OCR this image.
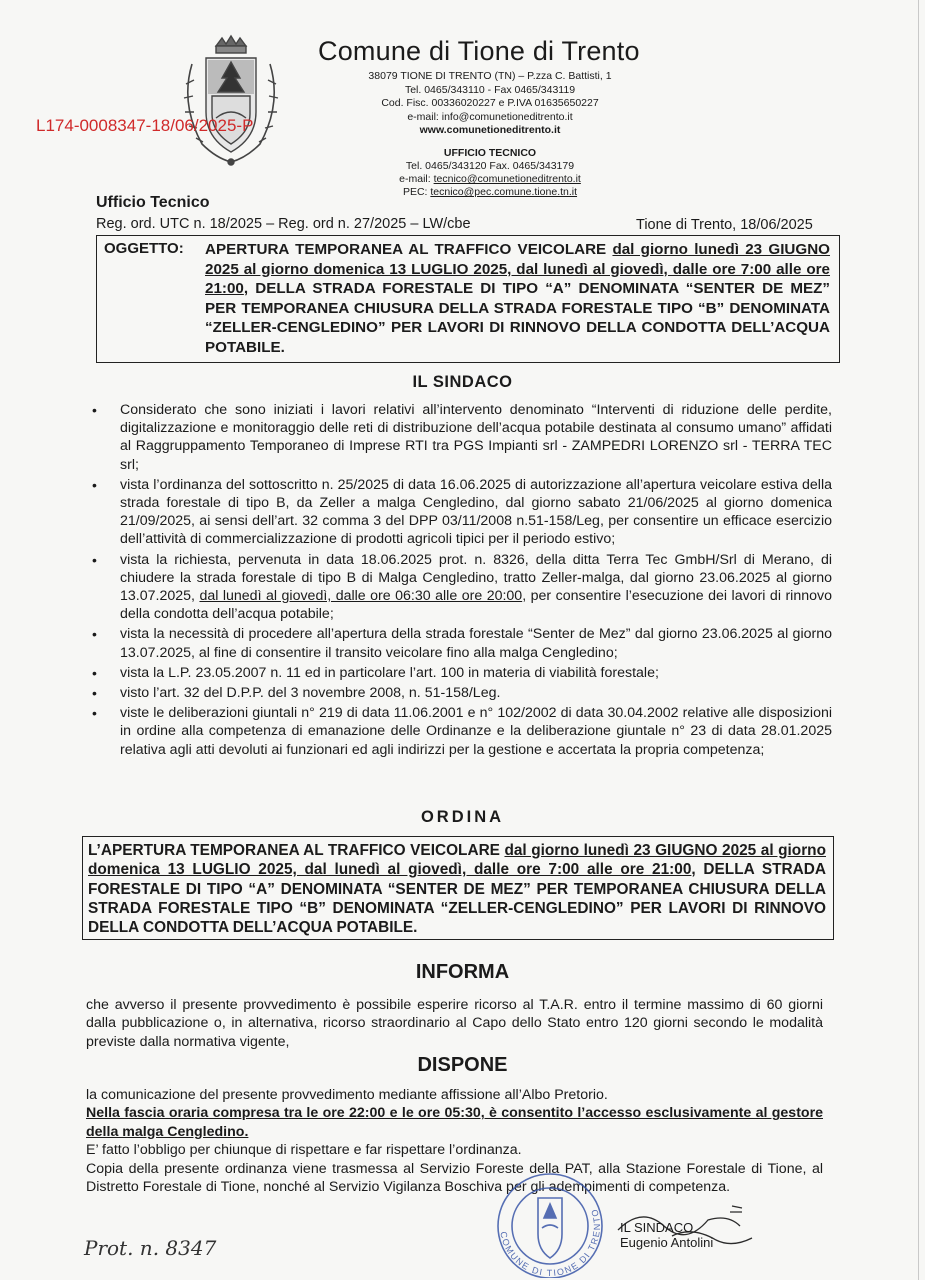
Comune di Tione di Trento
38079 TIONE DI TRENTO (TN) – P.zza C. Battisti, 1
Tel. 0465/343110 - Fax 0465/343119
Cod. Fisc. 00336020227 e P.IVA 01635650227
e-mail: info@comunetioneditrento.it
www.comunetioneditrento.it
UFFICIO TECNICO
Tel. 0465/343120 Fax. 0465/343179
e-mail: tecnico@comunetioneditrento.it
PEC: tecnico@pec.comune.tione.tn.it
L174-0008347-18/06/2025-P
Ufficio Tecnico
Reg. ord. UTC n. 18/2025 – Reg. ord n. 27/2025 – LW/cbe	Tione di Trento, 18/06/2025
OGGETTO: APERTURA TEMPORANEA AL TRAFFICO VEICOLARE dal giorno lunedì 23 GIUGNO 2025 al giorno domenica 13 LUGLIO 2025, dal lunedì al giovedì, dalle ore 7:00 alle ore 21:00, DELLA STRADA FORESTALE DI TIPO “A” DENOMINATA “SENTER DE MEZ” PER TEMPORANEA CHIUSURA DELLA STRADA FORESTALE TIPO “B” DENOMINATA “ZELLER-CENGLEDINO” PER LAVORI DI RINNOVO DELLA CONDOTTA DELL’ACQUA POTABILE.
IL SINDACO
• Considerato che sono iniziati i lavori relativi all’intervento denominato “Interventi di riduzione delle perdite, digitalizzazione e monitoraggio delle reti di distribuzione dell’acqua potabile destinata al consumo umano” affidati al Raggruppamento Temporaneo di Imprese RTI tra PGS Impianti srl - ZAMPEDRI LORENZO srl - TERRA TEC srl;
• vista l’ordinanza del sottoscritto n. 25/2025 di data 16.06.2025 di autorizzazione all’apertura veicolare estiva della strada forestale di tipo B, da Zeller a malga Cengledino, dal giorno sabato 21/06/2025 al giorno domenica 21/09/2025, ai sensi dell’art. 32 comma 3 del DPP 03/11/2008 n.51-158/Leg, per consentire un efficace esercizio dell’attività di commercializzazione di prodotti agricoli tipici per il periodo estivo;
• vista la richiesta, pervenuta in data 18.06.2025 prot. n. 8326, della ditta Terra Tec GmbH/Srl di Merano, di chiudere la strada forestale di tipo B di Malga Cengledino, tratto Zeller-malga, dal giorno 23.06.2025 al giorno 13.07.2025, dal lunedì al giovedì, dalle ore 06:30 alle ore 20:00, per consentire l’esecuzione dei lavori di rinnovo della condotta dell’acqua potabile;
• vista la necessità di procedere all’apertura della strada forestale “Senter de Mez” dal giorno 23.06.2025 al giorno 13.07.2025, al fine di consentire il transito veicolare fino alla malga Cengledino;
• vista la L.P. 23.05.2007 n. 11 ed in particolare l’art. 100 in materia di viabilità forestale;
• visto l’art. 32 del D.P.P. del 3 novembre 2008, n. 51-158/Leg.
• viste le deliberazioni giuntali n° 219 di data 11.06.2001 e n° 102/2002 di data 30.04.2002 relative alle disposizioni in ordine alla competenza di emanazione delle Ordinanze e la deliberazione giuntale n° 23 di data 28.01.2025 relativa agli atti devoluti ai funzionari ed agli indirizzi per la gestione e accertata la propria competenza;
ORDINA
L’APERTURA TEMPORANEA AL TRAFFICO VEICOLARE dal giorno lunedì 23 GIUGNO 2025 al giorno domenica 13 LUGLIO 2025, dal lunedì al giovedì, dalle ore 7:00 alle ore 21:00, DELLA STRADA FORESTALE DI TIPO “A” DENOMINATA “SENTER DE MEZ” PER TEMPORANEA CHIUSURA DELLA STRADA FORESTALE TIPO “B” DENOMINATA “ZELLER-CENGLEDINO” PER LAVORI DI RINNOVO DELLA CONDOTTA DELL’ACQUA POTABILE.
INFORMA
che avverso il presente provvedimento è possibile esperire ricorso al T.A.R. entro il termine massimo di 60 giorni dalla pubblicazione o, in alternativa, ricorso straordinario al Capo dello Stato entro 120 giorni secondo le modalità previste dalla normativa vigente,
DISPONE
la comunicazione del presente provvedimento mediante affissione all’Albo Pretorio.
Nella fascia oraria compresa tra le ore 22:00 e le ore 05:30, è consentito l’accesso esclusivamente al gestore della malga Cengledino.
E’ fatto l’obbligo per chiunque di rispettare e far rispettare l’ordinanza.
Copia della presente ordinanza viene trasmessa al Servizio Foreste della PAT, alla Stazione Forestale di Tione, al Distretto Forestale di Tione, nonché al Servizio Vigilanza Boschiva per gli adempimenti di competenza.
COMUNE DI TIONE DI TRENTO
IL SINDACO
Eugenio Antolini
Prot. n. 8347
